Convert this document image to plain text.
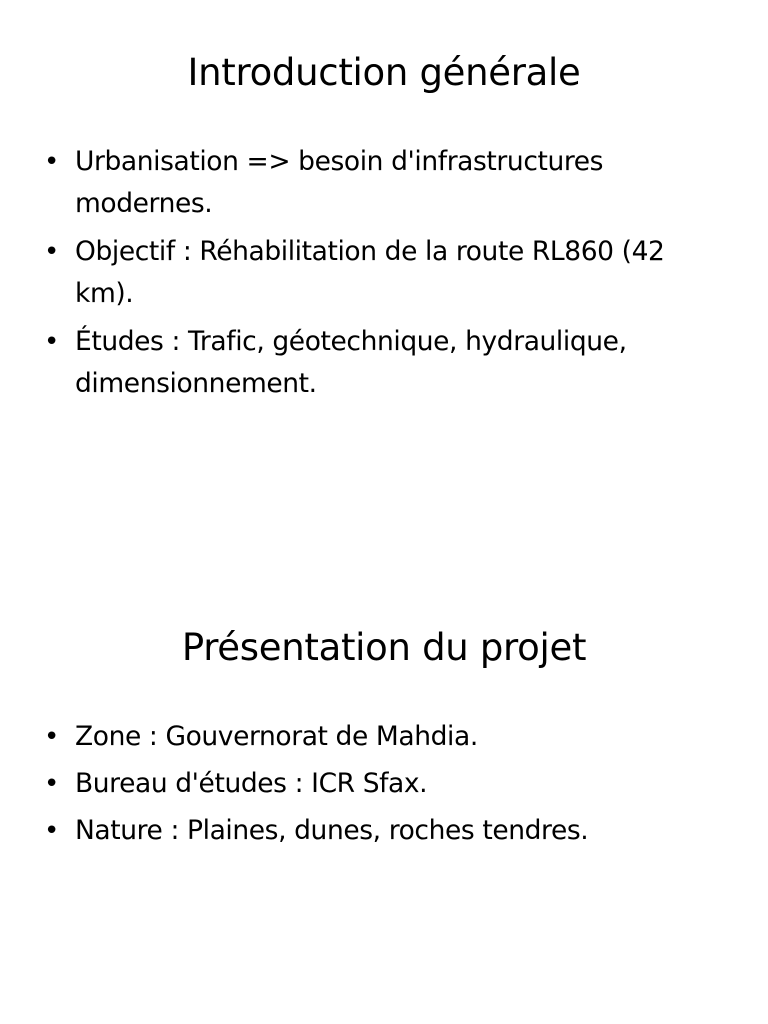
Introduction générale
• Urbanisation => besoin d'infrastructures modernes.
• Objectif : Réhabilitation de la route RL860 (42 km).
• Études : Trafic, géotechnique, hydraulique, dimensionnement.
Présentation du projet
• Zone : Gouvernorat de Mahdia.
• Bureau d'études : ICR Sfax.
• Nature : Plaines, dunes, roches tendres.
